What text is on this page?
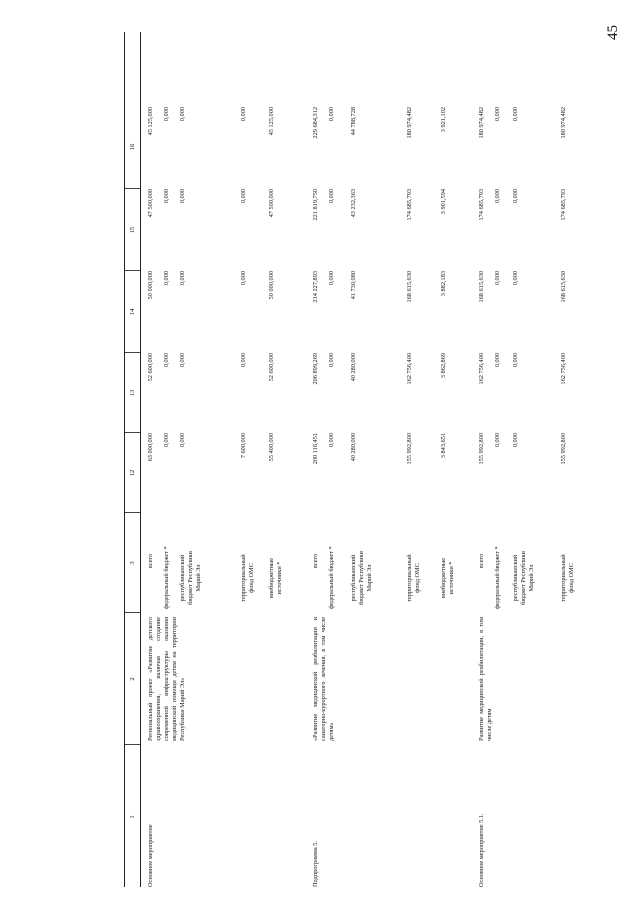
45
1
2
3
12
13
14
15
16
Основное мероприятие
Региональный проект «Развитие детского здравоохранения, включая создание современной инфраструктуры оказания медицинской помощи детям на территории Республики Марий Эл»
всего
63 000,000
52 600,000
50 000,000
47 500,000
45 125,000
федеральный бюджет *
0,000
0,000
0,000
0,000
0,000
республиканский бюджет Республики Марий Эл
0,000
0,000
0,000
0,000
0,000
территориальный фонд ОМС
7 600,000
0,000
0,000
0,000
0,000
внебюджетные источники *
55 400,000
52 600,000
50 000,000
47 500,000
45 125,000
Подпрограмма 5.
«Развитие медицинской реабилитации и санаторно-курортного лечения, в том числе детям»
всего
200 116,451
206 899,269
214 227,893
221 819,750
229 684,312
федеральный бюджет *
0,000
0,000
0,000
0,000
0,000
республиканский бюджет Республики Марий Эл
40 280,000
40 280,000
41 730,080
43 232,363
44 788,728
территориальный фонд ОМС
155 992,800
162 756,400
168 615,630
174 685,793
180 974,482
внебюджетные источники *
3 843,651
3 862,869
3 882,183
3 901,594
3 921,102
Основное мероприятие 5.1.
Развитие медицинской реабилитации, в том числе детям
всего
155 992,800
162 756,400
168 615,630
174 685,793
180 974,482
федеральный бюджет *
0,000
0,000
0,000
0,000
0,000
республиканский бюджет Республики Марий Эл
0,000
0,000
0,000
0,000
0,000
территориальный фонд ОМС
155 992,800
162 756,400
168 615,630
174 685,793
180 974,482
